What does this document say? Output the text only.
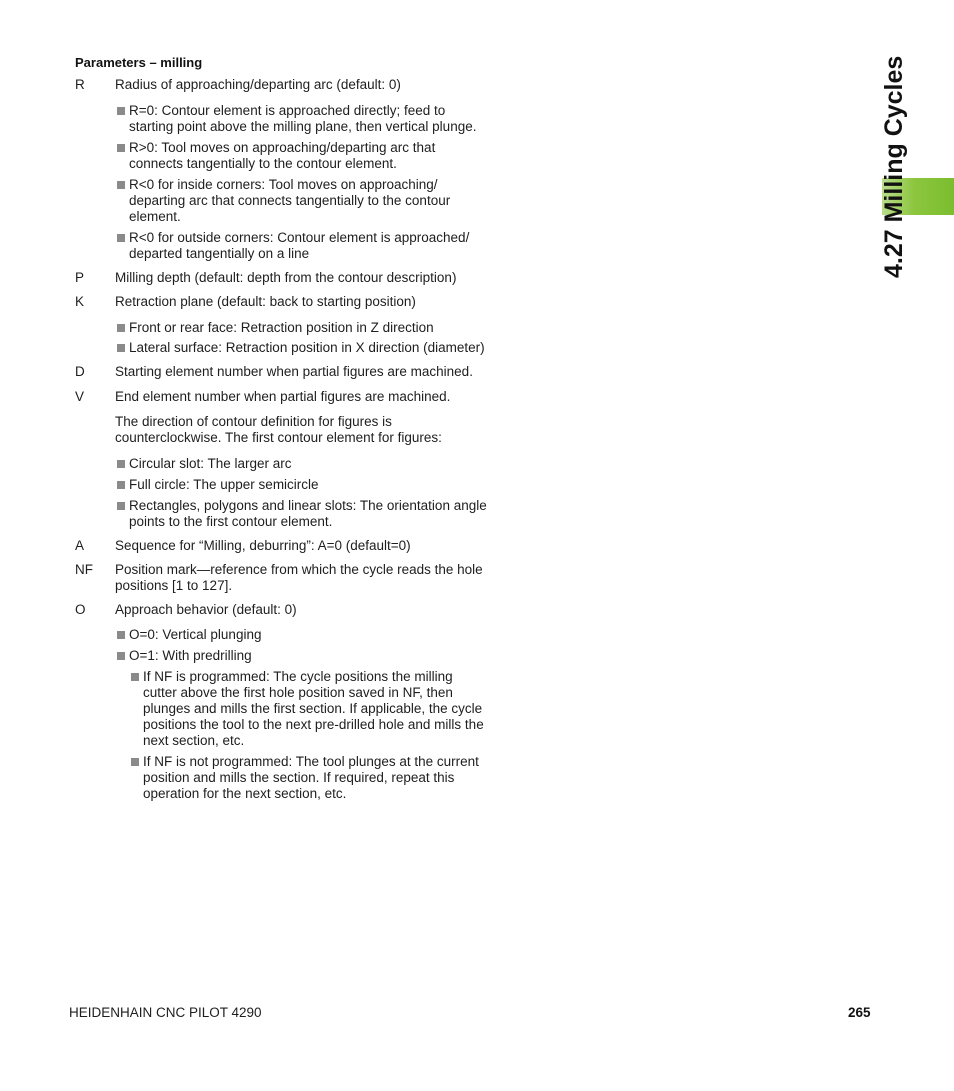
Parameters – milling
R Radius of approaching/departing arc (default: 0)
R=0: Contour element is approached directly; feed to
starting point above the milling plane, then vertical plunge.
R>0: Tool moves on approaching/departing arc that
connects tangentially to the contour element.
R<0 for inside corners: Tool moves on approaching/
departing arc that connects tangentially to the contour
element.
R<0 for outside corners: Contour element is approached/
departed tangentially on a line
P Milling depth (default: depth from the contour description)
K Retraction plane (default: back to starting position)
Front or rear face: Retraction position in Z direction
Lateral surface: Retraction position in X direction (diameter)
D Starting element number when partial figures are machined.
V End element number when partial figures are machined.
The direction of contour definition for figures is
counterclockwise. The first contour element for figures:
Circular slot: The larger arc
Full circle: The upper semicircle
Rectangles, polygons and linear slots: The orientation angle
points to the first contour element.
A Sequence for “Milling, deburring”: A=0 (default=0)
NF Position mark—reference from which the cycle reads the hole
positions [1 to 127].
O Approach behavior (default: 0)
O=0: Vertical plunging
O=1: With predrilling
If NF is programmed: The cycle positions the milling
cutter above the first hole position saved in NF, then
plunges and mills the first section. If applicable, the cycle
positions the tool to the next pre-drilled hole and mills the
next section, etc.
If NF is not programmed: The tool plunges at the current
position and mills the section. If required, repeat this
operation for the next section, etc.
4.27 Milling Cycles
HEIDENHAIN CNC PILOT 4290	265
